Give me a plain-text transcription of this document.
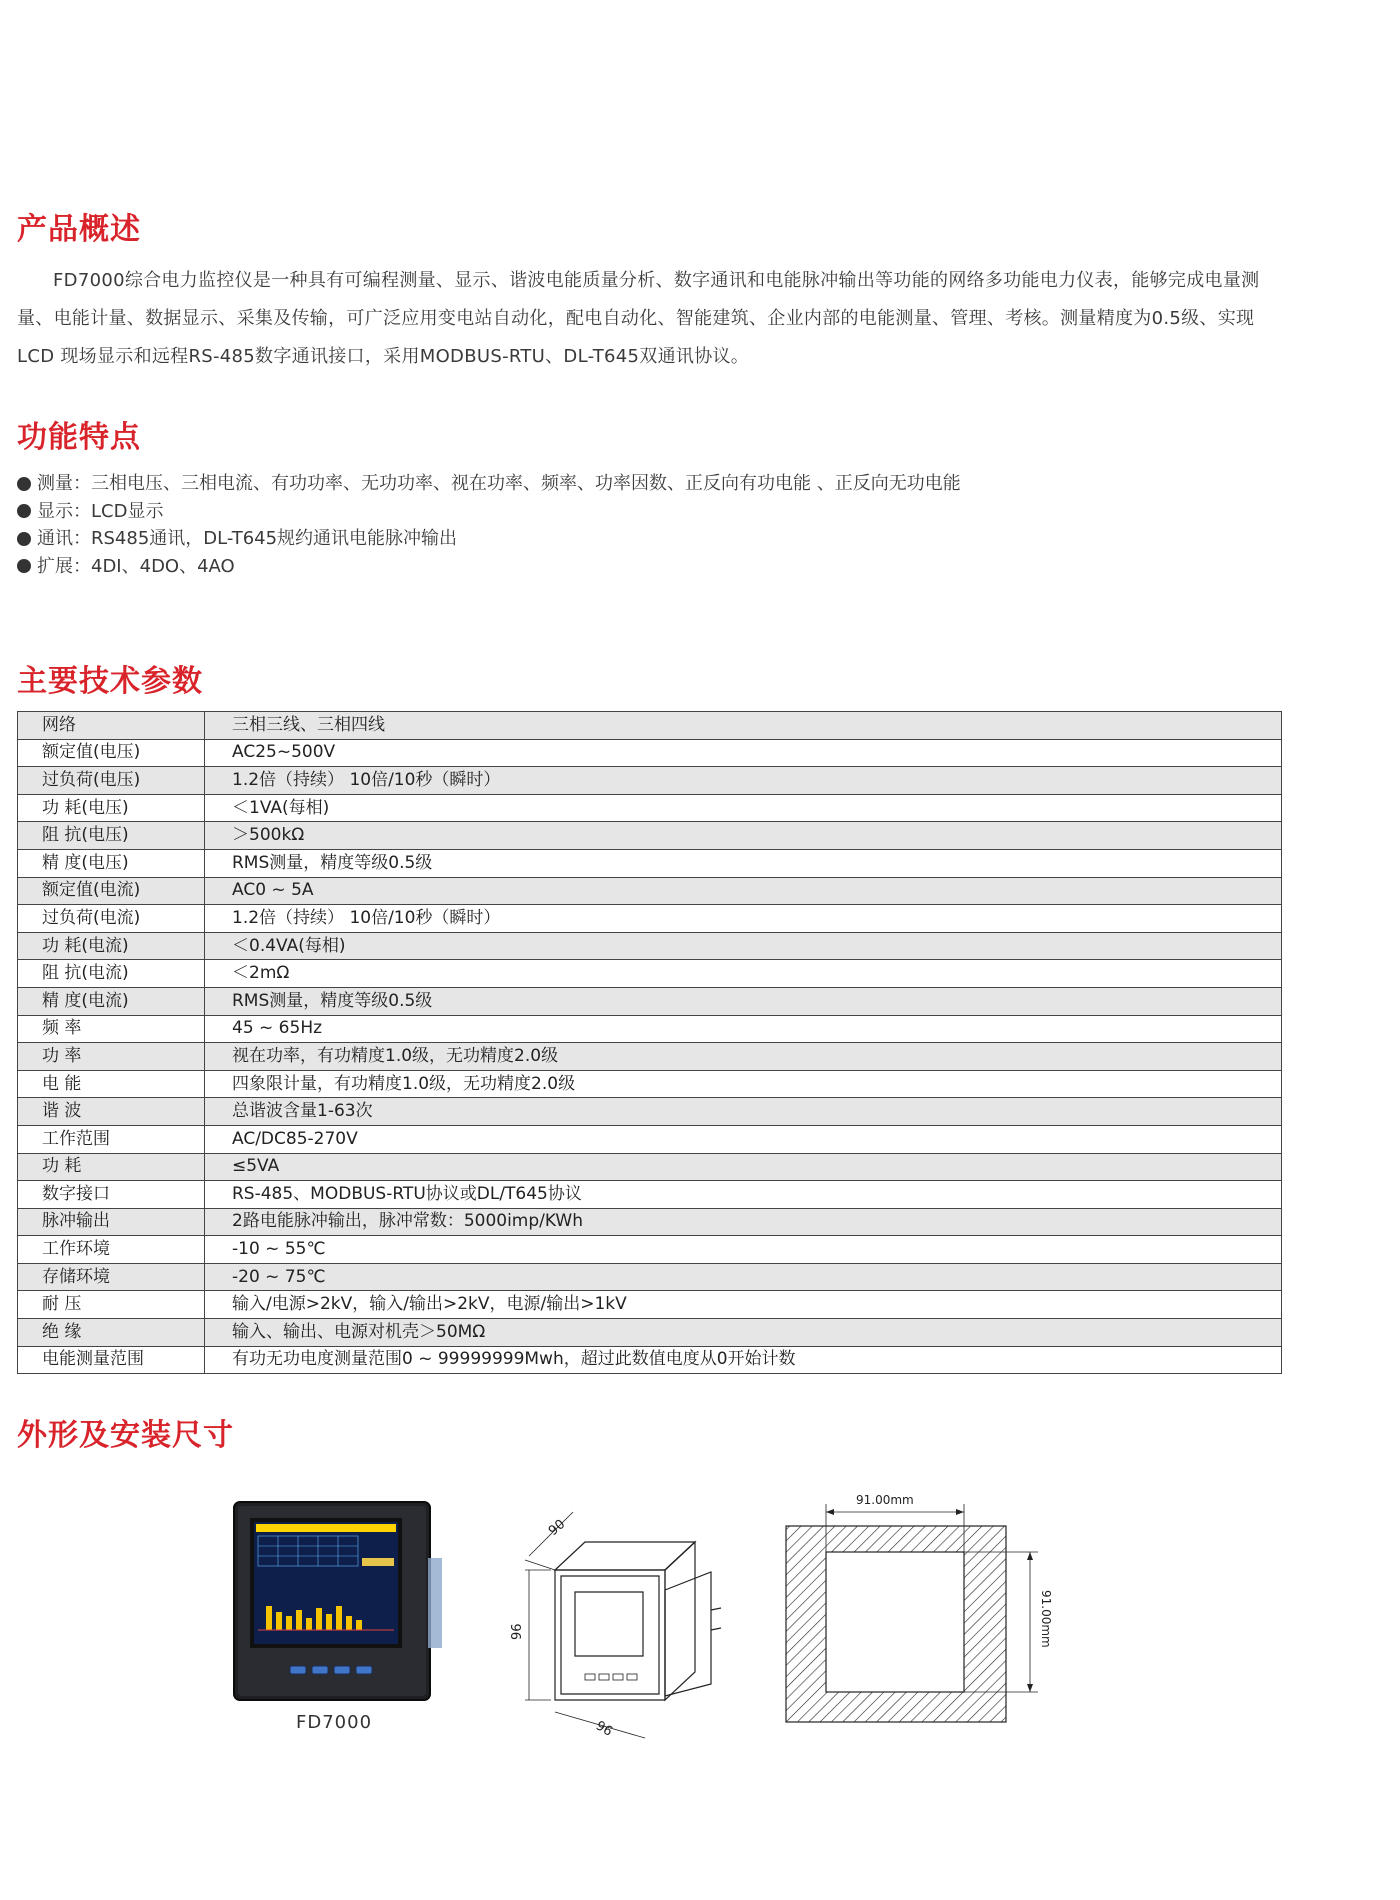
产品概述

FD7000综合电力监控仪是一种具有可编程测量、显示、谐波电能质量分析、数字通讯和电能脉冲输出等功能的网络多功能电力仪表，能够完成电量测量、电能计量、数据显示、采集及传输，可广泛应用变电站自动化，配电自动化、智能建筑、企业内部的电能测量、管理、考核。测量精度为0.5级、实现LCD 现场显示和远程RS-485数字通讯接口，采用MODBUS-RTU、DL-T645双通讯协议。

功能特点
测量：三相电压、三相电流、有功功率、无功功率、视在功率、频率、功率因数、正反向有功电能 、正反向无功电能
显示：LCD显示
通讯：RS485通讯，DL-T645规约通讯电能脉冲输出
扩展：4DI、4DO、4AO
主要技术参数
网络	三相三线、三相四线
额定值(电压)	AC25~500V
过负荷(电压)	1.2倍（持续） 10倍/10秒（瞬时）
功 耗(电压)	＜1VA(每相)
阻 抗(电压)	＞500kΩ
精 度(电压)	RMS测量，精度等级0.5级
额定值(电流)	AC0 ~ 5A
过负荷(电流)	1.2倍（持续） 10倍/10秒（瞬时）
功 耗(电流)	＜0.4VA(每相)
阻 抗(电流)	＜2mΩ
精 度(电流)	RMS测量，精度等级0.5级
频 率	45 ~ 65Hz
功 率	视在功率，有功精度1.0级，无功精度2.0级
电 能	四象限计量，有功精度1.0级，无功精度2.0级
谐 波	总谐波含量1-63次
工作范围	AC/DC85-270V
功 耗	≤5VA
数字接口	RS-485、MODBUS-RTU协议或DL/T645协议
脉冲输出	2路电能脉冲输出，脉冲常数：5000imp/KWh
工作环境	-10 ~ 55℃
存储环境	-20 ~ 75℃
耐 压	输入/电源>2kV，输入/输出>2kV，电源/输出>1kV
绝 缘	输入、输出、电源对机壳＞50MΩ
电能测量范围	有功无功电度测量范围0 ~ 99999999Mwh，超过此数值电度从0开始计数
外形及安装尺寸
FD7000
90
96
96
91.00mm
91.00mm
